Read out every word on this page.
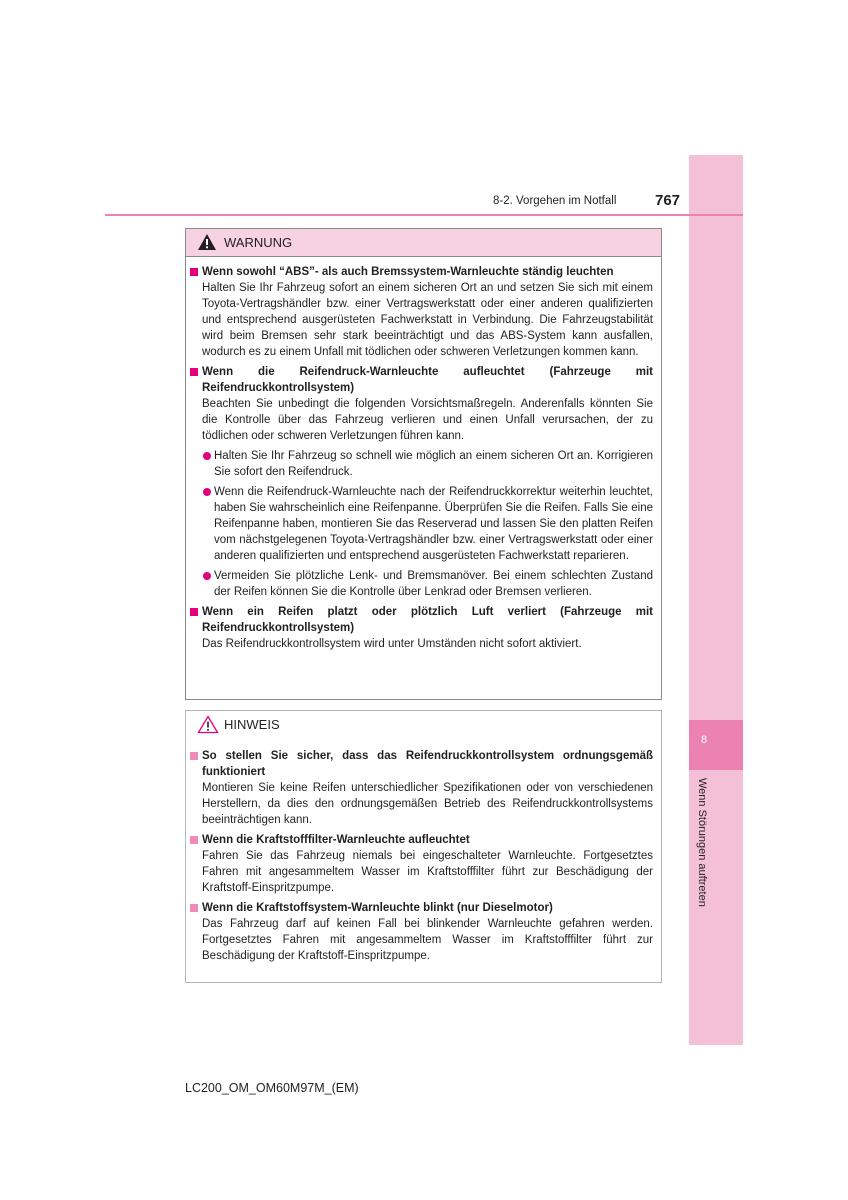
8
Wenn Störungen auftreten
8-2. Vorgehen im Notfall	767
WARNUNG
Wenn sowohl “ABS”- als auch Bremssystem-Warnleuchte ständig leuchten
Halten Sie Ihr Fahrzeug sofort an einem sicheren Ort an und setzen Sie sich mit einem Toyota-Vertragshändler bzw. einer Vertragswerkstatt oder einer anderen qualifizierten und entsprechend ausgerüsteten Fachwerkstatt in Verbindung. Die Fahrzeugstabilität wird beim Bremsen sehr stark beeinträchtigt und das ABS-System kann ausfallen, wodurch es zu einem Unfall mit tödlichen oder schweren Verletzungen kommen kann.
Wenn die Reifendruck-Warnleuchte aufleuchtet (Fahrzeuge mit Reifendruckkontrollsystem)
Beachten Sie unbedingt die folgenden Vorsichtsmaßregeln. Anderenfalls könnten Sie die Kontrolle über das Fahrzeug verlieren und einen Unfall verursachen, der zu tödlichen oder schweren Verletzungen führen kann.
Halten Sie Ihr Fahrzeug so schnell wie möglich an einem sicheren Ort an. Korrigieren Sie sofort den Reifendruck.
Wenn die Reifendruck-Warnleuchte nach der Reifendruckkorrektur weiterhin leuchtet, haben Sie wahrscheinlich eine Reifenpanne. Überprüfen Sie die Reifen. Falls Sie eine Reifenpanne haben, montieren Sie das Reserverad und lassen Sie den platten Reifen vom nächstgelegenen Toyota-Vertragshändler bzw. einer Vertragswerkstatt oder einer anderen qualifizierten und entsprechend ausgerüsteten Fachwerkstatt reparieren.
Vermeiden Sie plötzliche Lenk- und Bremsmanöver. Bei einem schlechten Zustand der Reifen können Sie die Kontrolle über Lenkrad oder Bremsen verlieren.
Wenn ein Reifen platzt oder plötzlich Luft verliert (Fahrzeuge mit Reifendruckkontrollsystem)
Das Reifendruckkontrollsystem wird unter Umständen nicht sofort aktiviert.
HINWEIS
So stellen Sie sicher, dass das Reifendruckkontrollsystem ordnungsgemäß funktioniert
Montieren Sie keine Reifen unterschiedlicher Spezifikationen oder von verschiedenen Herstellern, da dies den ordnungsgemäßen Betrieb des Reifendruckkontrollsystems beeinträchtigen kann.
Wenn die Kraftstofffilter-Warnleuchte aufleuchtet
Fahren Sie das Fahrzeug niemals bei eingeschalteter Warnleuchte. Fortgesetztes Fahren mit angesammeltem Wasser im Kraftstofffilter führt zur Beschädigung der Kraftstoff-Einspritzpumpe.
Wenn die Kraftstoffsystem-Warnleuchte blinkt (nur Dieselmotor)
Das Fahrzeug darf auf keinen Fall bei blinkender Warnleuchte gefahren werden. Fortgesetztes Fahren mit angesammeltem Wasser im Kraftstofffilter führt zur Beschädigung der Kraftstoff-Einspritzpumpe.
LC200_OM_OM60M97M_(EM)
